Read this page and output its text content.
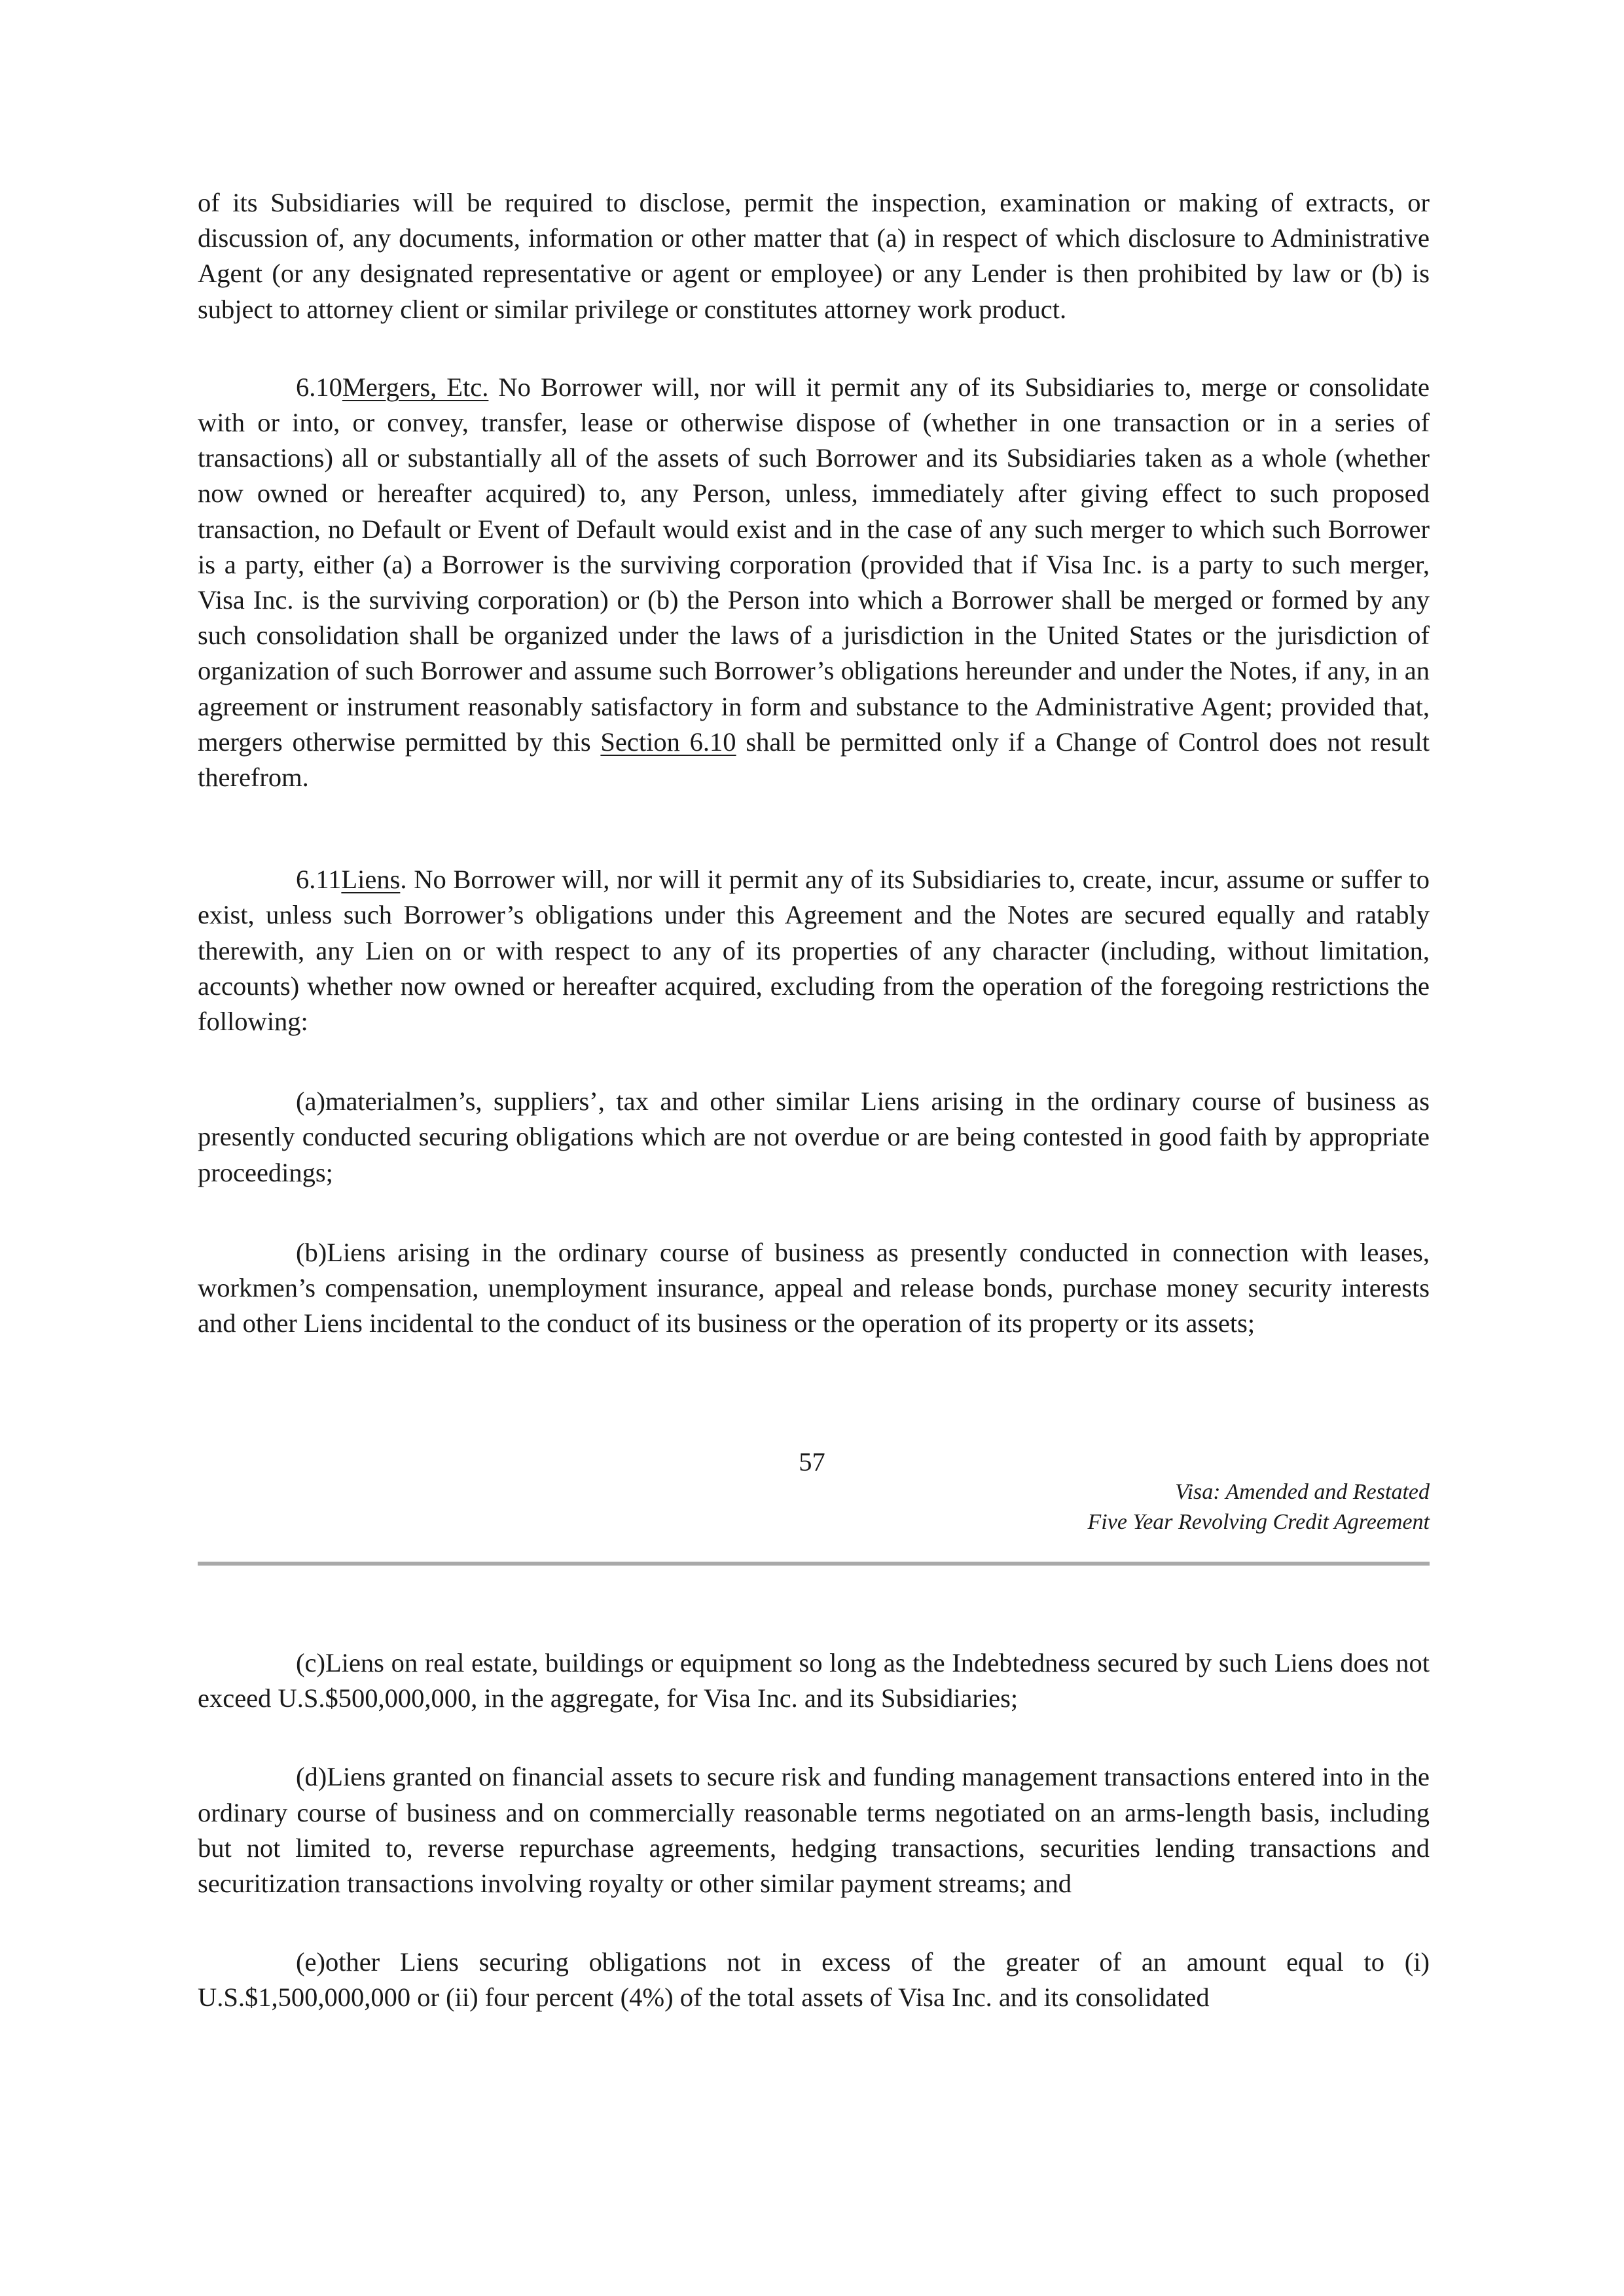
of its Subsidiaries will be required to disclose, permit the inspection, examination or making of extracts, or discussion of, any documents, information or other matter that (a) in respect of which disclosure to Administrative Agent (or any designated representative or agent or employee) or any Lender is then prohibited by law or (b) is subject to attorney client or similar privilege or constitutes attorney work product.

6.10Mergers, Etc. No Borrower will, nor will it permit any of its Subsidiaries to, merge or consolidate with or into, or convey, transfer, lease or otherwise dispose of (whether in one transaction or in a series of transactions) all or substantially all of the assets of such Borrower and its Subsidiaries taken as a whole (whether now owned or hereafter acquired) to, any Person, unless, immediately after giving effect to such proposed transaction, no Default or Event of Default would exist and in the case of any such merger to which such Borrower is a party, either (a) a Borrower is the surviving corporation (provided that if Visa Inc. is a party to such merger, Visa Inc. is the surviving corporation) or (b) the Person into which a Borrower shall be merged or formed by any such consolidation shall be organized under the laws of a jurisdiction in the United States or the jurisdiction of organization of such Borrower and assume such Borrower’s obligations hereunder and under the Notes, if any, in an agreement or instrument reasonably satisfactory in form and substance to the Administrative Agent; provided that, mergers otherwise permitted by this Section 6.10 shall be permitted only if a Change of Control does not result therefrom.

6.11Liens. No Borrower will, nor will it permit any of its Subsidiaries to, create, incur, assume or suffer to exist, unless such Borrower’s obligations under this Agreement and the Notes are secured equally and ratably therewith, any Lien on or with respect to any of its properties of any character (including, without limitation, accounts) whether now owned or hereafter acquired, excluding from the operation of the foregoing restrictions the following:

(a)materialmen’s, suppliers’, tax and other similar Liens arising in the ordinary course of business as presently conducted securing obligations which are not overdue or are being contested in good faith by appropriate proceedings;

(b)Liens arising in the ordinary course of business as presently conducted in connection with leases, workmen’s compensation, unemployment insurance, appeal and release bonds, purchase money security interests and other Liens incidental to the conduct of its business or the operation of its property or its assets;

57
Visa: Amended and Restated
Five Year Revolving Credit Agreement

(c)Liens on real estate, buildings or equipment so long as the Indebtedness secured by such Liens does not exceed U.S.$500,000,000, in the aggregate, for Visa Inc. and its Subsidiaries;

(d)Liens granted on financial assets to secure risk and funding management transactions entered into in the ordinary course of business and on commercially reasonable terms negotiated on an arms-length basis, including but not limited to, reverse repurchase agreements, hedging transactions, securities lending transactions and securitization transactions involving royalty or other similar payment streams; and

(e)other Liens securing obligations not in excess of the greater of an amount equal to (i) U.S.$1,500,000,000 or (ii) four percent (4%) of the total assets of Visa Inc. and its consolidated
